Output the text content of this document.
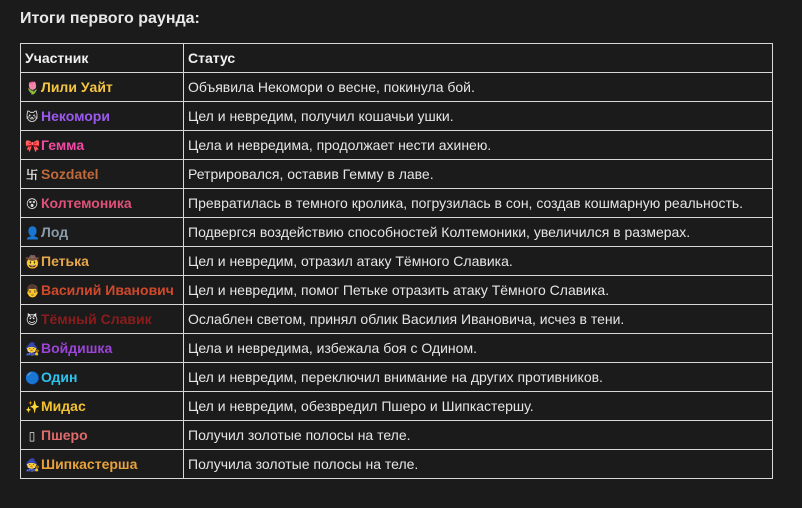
Итоги первого раунда:
Участник	Статус
🌷Лили Уайт	Объявила Некомори о весне, покинула бой.
🐱 Некомори	Цел и невредим, получил кошачьи ушки.
🎀Гемма	Цела и невредима, продолжает нести ахинею.
卐 Sozdatel	Ретрировался, оставив Гемму в лаве.
😵 Колтемоника	Превратилась в темного кролика, погрузилась в сон, создав кошмарную реальность.
👤Лод	Подвергся воздействию способностей Колтемоники, увеличился в размерах.
🤠Петька	Цел и невредим, отразил атаку Тёмного Славика.
👨Василий Иванович	Цел и невредим, помог Петьке отразить атаку Тёмного Славика.
😈 Тёмный Славик	Ослаблен светом, принял облик Василия Ивановича, исчез в тени.
🧙Войдишка	Цела и невредима, избежала боя с Одином.
🔵Один	Цел и невредим, переключил внимание на других противников.
✨Мидас	Цел и невредим, обезвредил Пшеро и Шипкастершу.
▯ Пшеро	Получил золотые полосы на теле.
🧙Шипкастерша	Получила золотые полосы на теле.
